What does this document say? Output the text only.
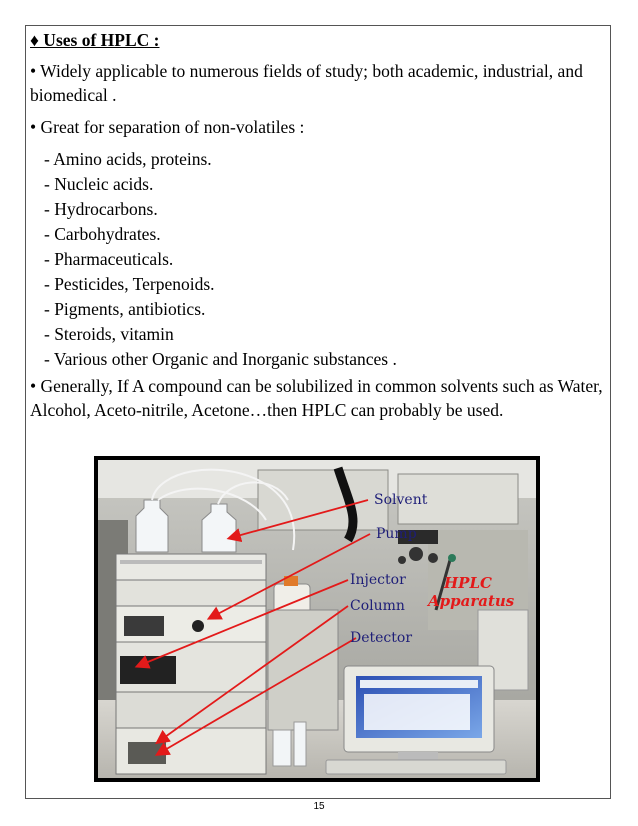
♦ Uses of HPLC :

• Widely applicable to numerous fields of study; both academic, industrial, and biomedical .

• Great for separation of non-volatiles :

- Amino acids, proteins.
- Nucleic acids.
- Hydrocarbons.
- Carbohydrates.
- Pharmaceuticals.
- Pesticides, Terpenoids.
- Pigments, antibiotics.
- Steroids, vitamin
- Various other Organic and Inorganic substances .

• Generally, If A compound can be solubilized in common solvents such as Water, Alcohol, Aceto-nitrile, Acetone…then HPLC can probably be used.

Solvent
Pump
Injector
Column
Detector
HPLC
Apparatus
15
